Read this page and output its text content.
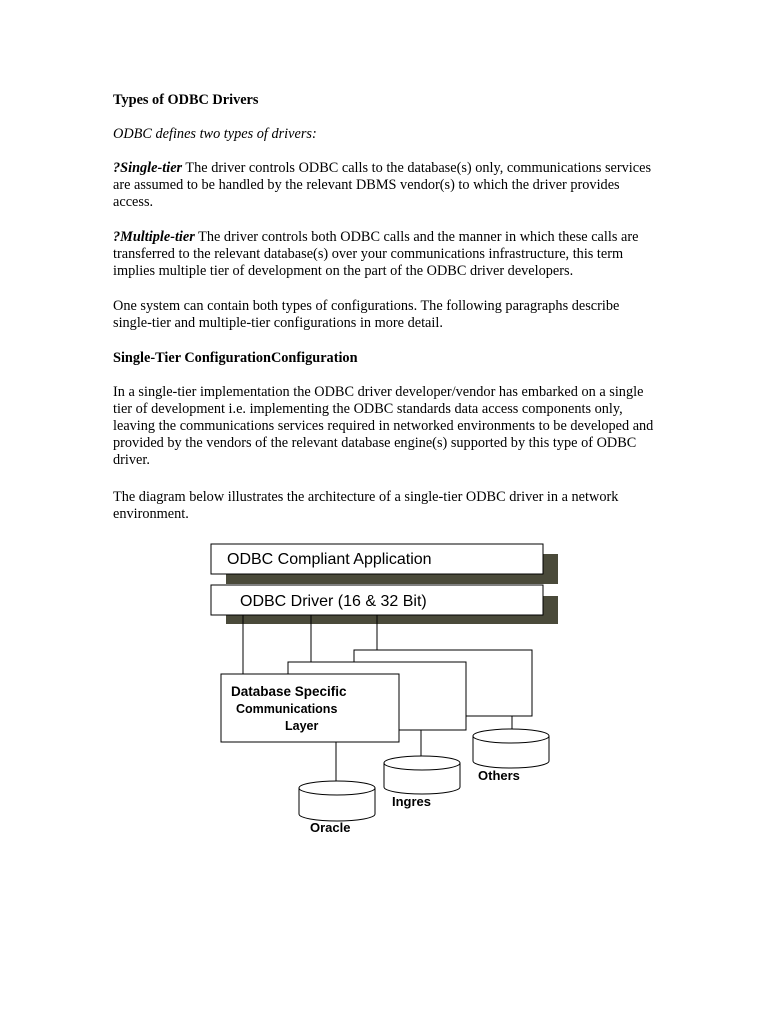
Types of ODBC Drivers
ODBC defines two types of drivers:
?Single-tier The driver controls ODBC calls to the database(s) only, communications services are assumed to be handled by the relevant DBMS vendor(s) to which the driver provides access.
?Multiple-tier The driver controls both ODBC calls and the manner in which these calls are transferred to the relevant database(s) over your communications infrastructure, this term implies multiple tier of development on the part of the ODBC driver developers.
One system can contain both types of configurations. The following paragraphs describe single-tier and multiple-tier configurations in more detail.
Single-Tier ConfigurationConfiguration
In a single-tier implementation the ODBC driver developer/vendor has embarked on a single tier of development i.e. implementing the ODBC standards data access components only, leaving the communications services required in networked environments to be developed and provided by the vendors of the relevant database engine(s) supported by this type of ODBC driver.
The diagram below illustrates the architecture of a single-tier ODBC driver in a network environment.
ODBC Compliant Application
ODBC Driver (16 & 32 Bit)
Database Specific
Communications
Layer
Others
Ingres
Oracle
